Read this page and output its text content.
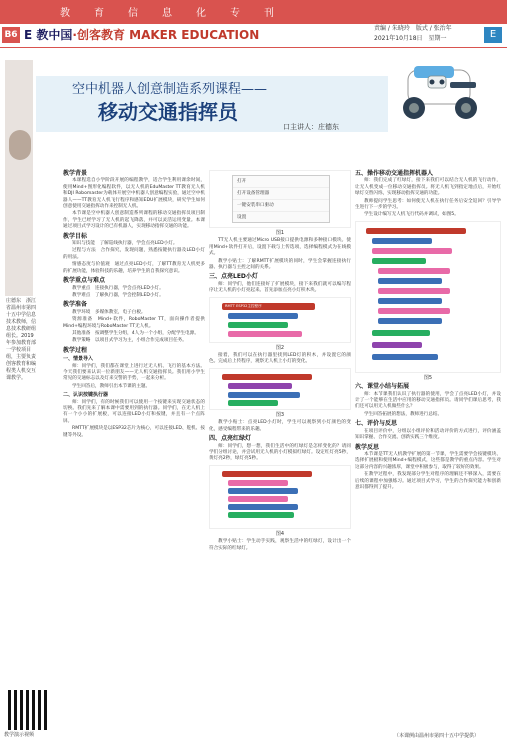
教育信息化专刊
B6 E 教中国·创客教育 MAKER EDUCATION	责编 / 朱晓玲　版式 / 张治年
2021年10月18日　星期一	E
空中机器人创意制造系列课程——
移动交通指挥员
口主讲人：庄德东
庄德东　浙江省温州市第四十五中学信息技术教师，信息技术教研组组长。2019年参加教育部一学校项目组，主要负责创客教育和编程类人机交互课教学。
教学背景

本课程选自小学阶段开展的编程教学，适合学生利用课余时间，使用Mind+图形化编程软件，以无人机的EduMaster TT教育无人机和DJI Robomaster为载体开展空中机器人创意编程实验，通过空中机器人——TT教育无人机飞行程序和感知EDU扩展模块，研究学生如何创意使用交通指挥动作来控制无人机。

本节课是空中机器人创意制造系列课程的移动交通指挥员项目制作，学生已经学习了无人机的起飞降落，并可以灵活运用变量。本课通过项目式学习设计的已有机器人，实现移动指挥交通的功能。

教学目标

知识与技能　了解巡线执行器，学会点亮LED小灯。

过程与方法　合作探究，发现问题，熟悉按键执行器及LED小灯的用法。

情感态度与价值观　通过点亮LED小灯，了解TT教育无人机更多的扩展功能，体验科技的乐趣，培养学生的自我探究意识。

教学重点与难点

教学重点　连接执行器，学会点亮LED小灯。

教学难点　了解执行器，学会控制LED小灯。

教学准备

教学环境　多媒体教室，电子白板。

资源准备　Mind+软件，RoboMaster TT，面向操作者提供Mind+编程环境与RoboMaster TT无人机。

其他准备　按调整学生分组，4人为一个小组，分配学生电源。

教学策略　以项目式学习为主，小组合作完成项目任务。

教学过程
一、情景导入

师：同学们，我们都在课堂上进行过无人机、飞行的基本方法。今天我们要来认识一位新朋友——无人机交通指挥员。我们用小学生常见的交通标志以及灯来交警的手势，一起来分析。

学生回答后，教师引出本节课的主题。

二、认识按键执行器

师：同学们，有的时候我们可以使用一个按键来实现交通状态的切换。我们先来了解本课中需要用到的执行器。同学们，在无人机上有一个小小的扩展板，可以连接LED小灯和按键，并且有一个点阵屏。

RMTT扩展模块是以ESP32芯片为核心，可以连接LED、舵机、按键等外设。

打开
打开设备管理器
一键安装串口驱动
设置
图1

TT无人机主要通过Micro USB接口提供电源和多种接口模块。使用Mind+软件打开后，设置下载与上传选项，选择编程模式为在线模式。

教学小贴士：了解RMTT扩展模块的同时，学生会掌握连接执行器、执行器与主控之间的关系。

三、点亮LED小灯

师：同学们，他们连接好了扩展模块，接下来我们就可以编写程序让无人机的小灯亮起来。首先添加点亮小灯积木块。

RMTT ESP32主控程序
图2

接着，我们可以在执行器里找到LED灯的积木，并设置它的颜色。完成后上传程序，观察无人机上小灯的变化。

图3

教学小贴士：点亮LED小灯时，学生可以观察到小灯颜色的变化，感受编程带来的乐趣。

四、点亮红绿灯

师：同学们，想一想，我们生活中的红绿灯是怎样变化的？请同学们分组讨论，并尝试用无人机的小灯模拟红绿灯。设定红灯亮5秒，黄灯亮2秒，绿灯亮5秒。

图4

教学小贴士：学生动手实践，观察生活中的红绿灯，设计出一个符合实际的红绿灯。

五、操作移动交通指挥机器人

师：我们完成了红绿灯，接下来我们可以结合无人机的飞行动作，让无人机变成一位移动交通指挥员。将无人机飞到指定地点后，开始红绿灯交替闪烁，实现移动指挥交通的功能。

教师提问学生思考：如何使无人机在执行任务后安全返回？引导学生进行下一步的学习。

学生设计编写无人机飞行代码并调试，如图5。

图5
六、课堂小结与拓展

师：本节课我们认识了执行器的使用，学会了点亮LED小灯，并设计了一个能够在生活中应用的移动交通指挥员。请同学们课后思考，我们还可以用无人机做些什么？

学生回答拓展的想法，教师进行总结。

七、评价与反思

在项目评价中，分组以小组评价和活动评价的方式进行，评价涵盖知识掌握、合作交流、创新实践三个维度。

教学反思

本节课是TT无人机教学扩展的第一节课，学生需要学会按键模块、选择扩展板和使用Mind+编程模式，这些都是教学的重点内容。学生对这部分内容的兴趣浓厚，课堂中积极参与，取得了较好的效果。

在教学过程中，我发现部分学生对程序的理解还不够深入，需要在后续的课程中加强练习。通过项目式学习，学生的合作探究能力和创新意识都得到了提升。

教学演示视频	（本课例由温州市第四十五中学提供）
